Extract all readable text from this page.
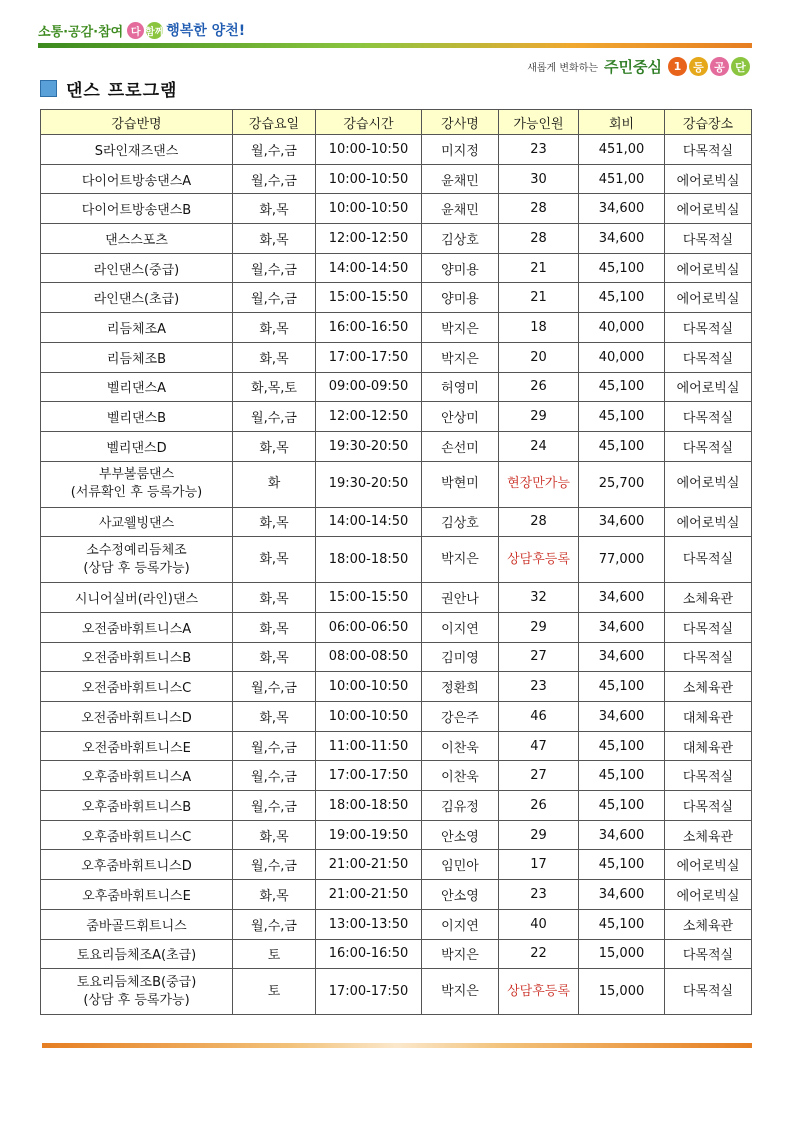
소통·공감·참여 다 함께 행복한 양천!
새롭게 변화하는 주민중심	1	등 공 단
댄스 프로그램
강습반명	강습요일	강습시간	강사명	가능인원	회비	강습장소

S라인재즈댄스	월,수,금	10:00-10:50	미지정	23	451,00	다목적실

다이어트방송댄스A	월,수,금	10:00-10:50	윤채민	30	451,00	에어로빅실

다이어트방송댄스B	화,목	10:00-10:50	윤채민	28	34,600	에어로빅실

댄스스포츠	화,목	12:00-12:50	김상호	28	34,600	다목적실

라인댄스(중급)	월,수,금	14:00-14:50	양미용	21	45,100	에어로빅실

라인댄스(초급)	월,수,금	15:00-15:50	양미용	21	45,100	에어로빅실

리듬체조A	화,목	16:00-16:50	박지은	18	40,000	다목적실

리듬체조B	화,목	17:00-17:50	박지은	20	40,000	다목적실

벨리댄스A	화,목,토	09:00-09:50	허영미	26	45,100	에어로빅실

벨리댄스B	월,수,금	12:00-12:50	안상미	29	45,100	다목적실

벨리댄스D	화,목	19:30-20:50	손선미	24	45,100	다목적실

부부볼룸댄스
(서류확인 후 등록가능)	화	19:30-20:50	박현미	현장만가능	25,700	에어로빅실

사교웰빙댄스	화,목	14:00-14:50	김상호	28	34,600	에어로빅실

소수정예리듬체조
(상담 후 등록가능)	화,목	18:00-18:50	박지은	상담후등록	77,000	다목적실

시니어실버(라인)댄스	화,목	15:00-15:50	권안나	32	34,600	소체육관

오전줌바휘트니스A	화,목	06:00-06:50	이지연	29	34,600	다목적실

오전줌바휘트니스B	화,목	08:00-08:50	김미영	27	34,600	다목적실

오전줌바휘트니스C	월,수,금	10:00-10:50	정환희	23	45,100	소체육관

오전줌바휘트니스D	화,목	10:00-10:50	강은주	46	34,600	대체육관

오전줌바휘트니스E	월,수,금	11:00-11:50	이찬욱	47	45,100	대체육관

오후줌바휘트니스A	월,수,금	17:00-17:50	이찬욱	27	45,100	다목적실

오후줌바휘트니스B	월,수,금	18:00-18:50	김유정	26	45,100	다목적실

오후줌바휘트니스C	화,목	19:00-19:50	안소영	29	34,600	소체육관

오후줌바휘트니스D	월,수,금	21:00-21:50	임민아	17	45,100	에어로빅실

오후줌바휘트니스E	화,목	21:00-21:50	안소영	23	34,600	에어로빅실

줌바골드휘트니스	월,수,금	13:00-13:50	이지연	40	45,100	소체육관

토요리듬체조A(초급)	토	16:00-16:50	박지은	22	15,000	다목적실

토요리듬체조B(중급)
(상담 후 등록가능)	토	17:00-17:50	박지은	상담후등록	15,000	다목적실
